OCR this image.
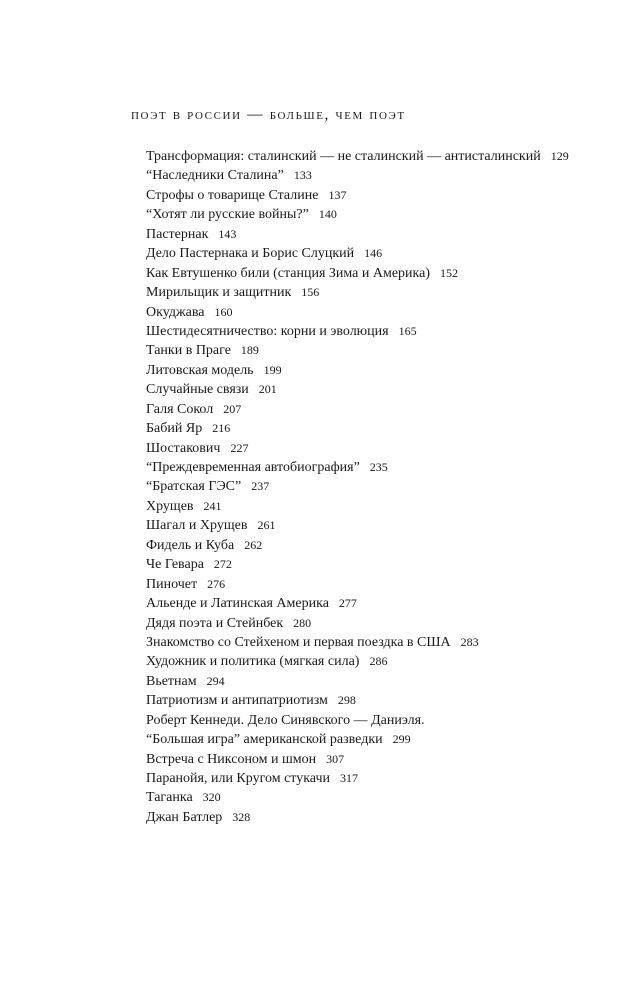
поэт в россии — больше, чем поэт
Трансформация: сталинский — не сталинский — антисталинский 129
“Наследники Сталина” 133
Строфы о товарище Сталине 137
“Хотят ли русские войны?” 140
Пастернак 143
Дело Пастернака и Борис Слуцкий 146
Как Евтушенко били (станция Зима и Америка) 152
Мирильщик и защитник 156
Окуджава 160
Шестидесятничество: корни и эволюция 165
Танки в Праге 189
Литовская модель 199
Случайные связи 201
Галя Сокол 207
Бабий Яр 216
Шостакович 227
“Преждевременная автобиография” 235
“Братская ГЭС” 237
Хрущев 241
Шагал и Хрущев 261
Фидель и Куба 262
Че Гевара 272
Пиночет 276
Альенде и Латинская Америка 277
Дядя поэта и Стейнбек 280
Знакомство со Стейхеном и первая поездка в США 283
Художник и политика (мягкая сила) 286
Вьетнам 294
Патриотизм и антипатриотизм 298
Роберт Кеннеди. Дело Синявского — Даниэля.
“Большая игра” американской разведки 299
Встреча с Никсоном и шмон 307
Паранойя, или Кругом стукачи 317
Таганка 320
Джан Батлер 328
